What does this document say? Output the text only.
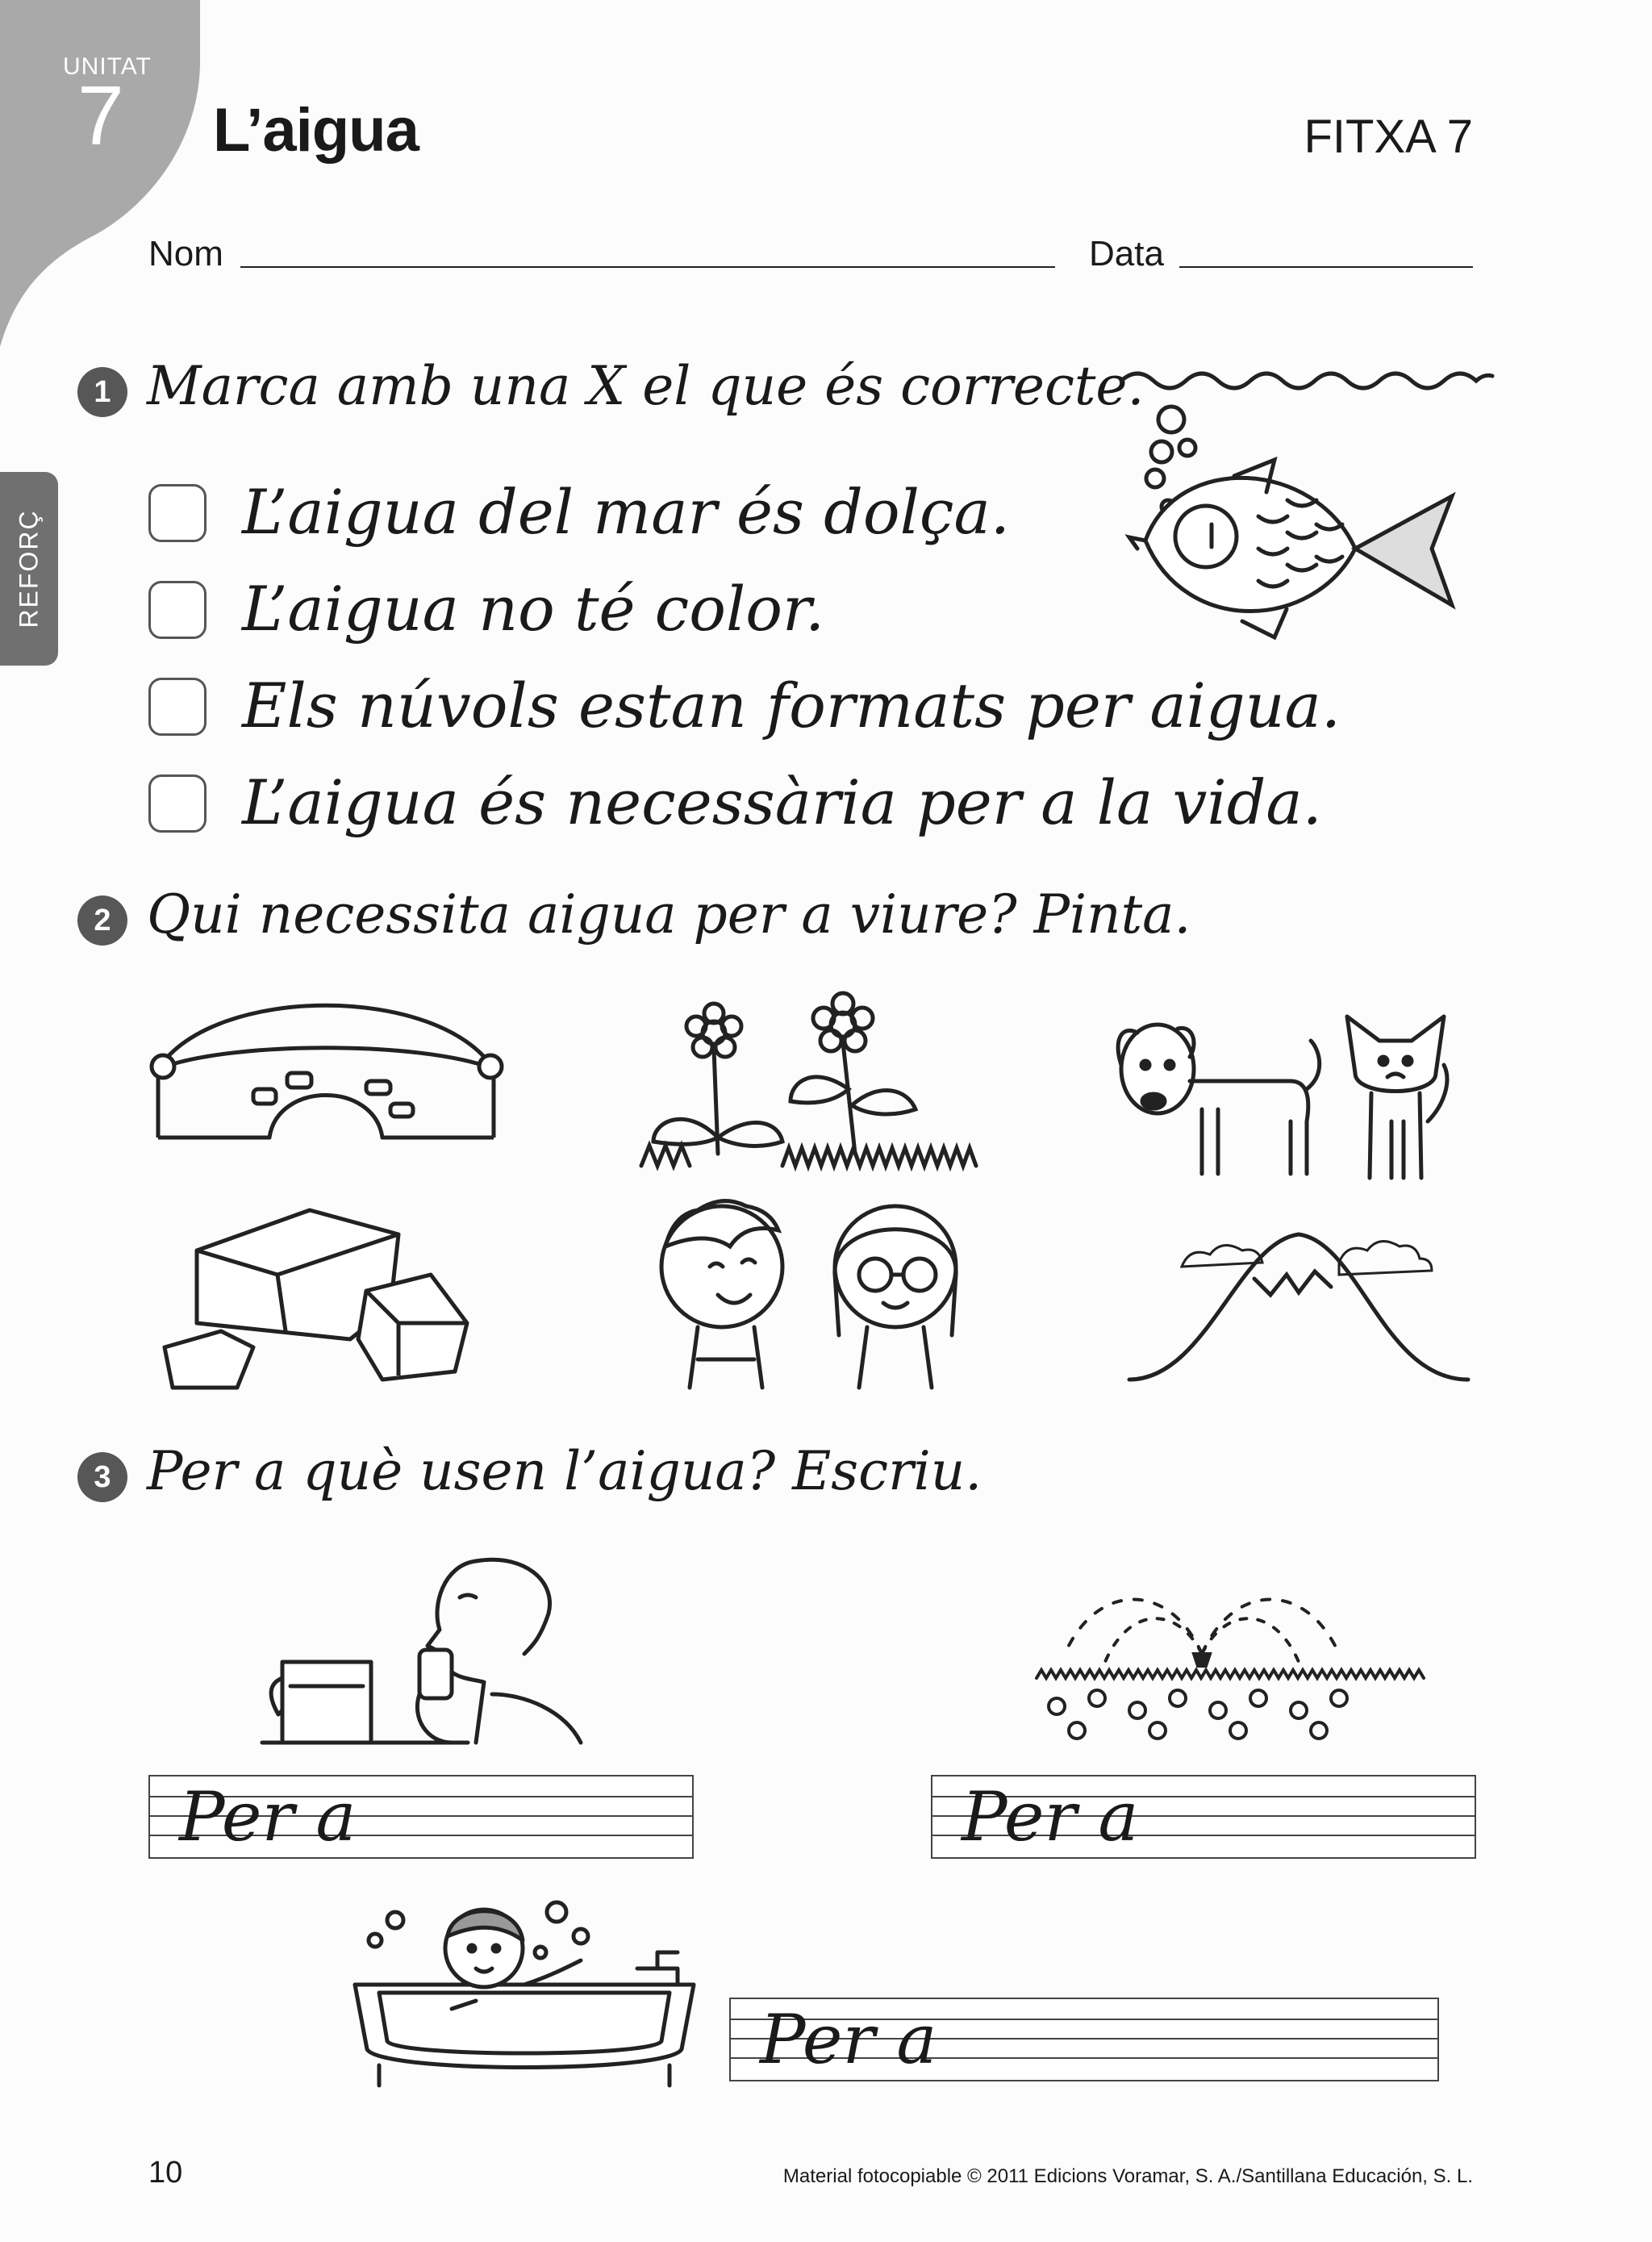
UNITAT
7 L’aigua	FITXA 7
Nom	Data
REFORÇ
1 Marca amb una X el que és correcte.
L’aigua del mar és dolça.
L’aigua no té color.
Els núvols estan formats per aigua.
L’aigua és necessària per a la vida.
2 Qui necessita aigua per a viure? Pinta.
3 Per a què usen l’aigua? Escriu.
Per a	Per a
Per a
10	Material fotocopiable © 2011 Edicions Voramar, S. A./Santillana Educación, S. L.
